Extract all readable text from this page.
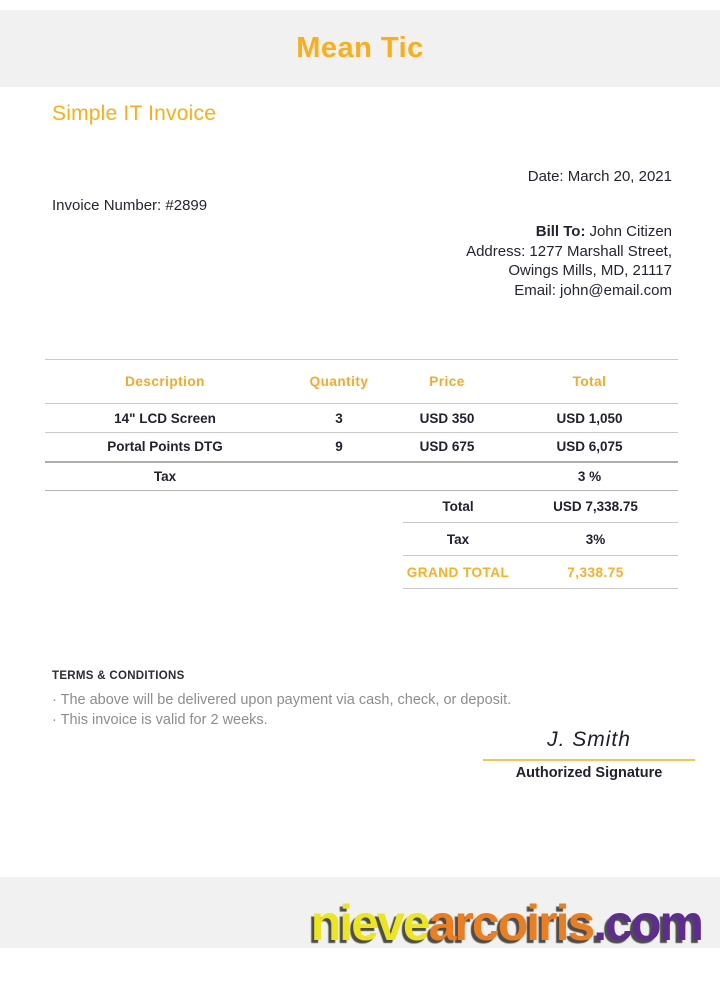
Mean Tic
Simple IT Invoice
Date: March 20, 2021
Invoice Number: #2899
Bill To: John Citizen
Address: 1277 Marshall Street,
Owings Mills, MD, 21117
Email: john@email.com
Description	Quantity	Price	Total
14" LCD Screen	3	USD 350	USD 1,050
Portal Points DTG	9	USD 675	USD 6,075
Tax			3 %
Total	USD 7,338.75
Tax	3%
GRAND TOTAL	7,338.75
TERMS & CONDITIONS
· The above will be delivered upon payment via cash, check, or deposit.
· This invoice is valid for 2 weeks.
J. Smith
Authorized Signature
nievearcoiris.com
